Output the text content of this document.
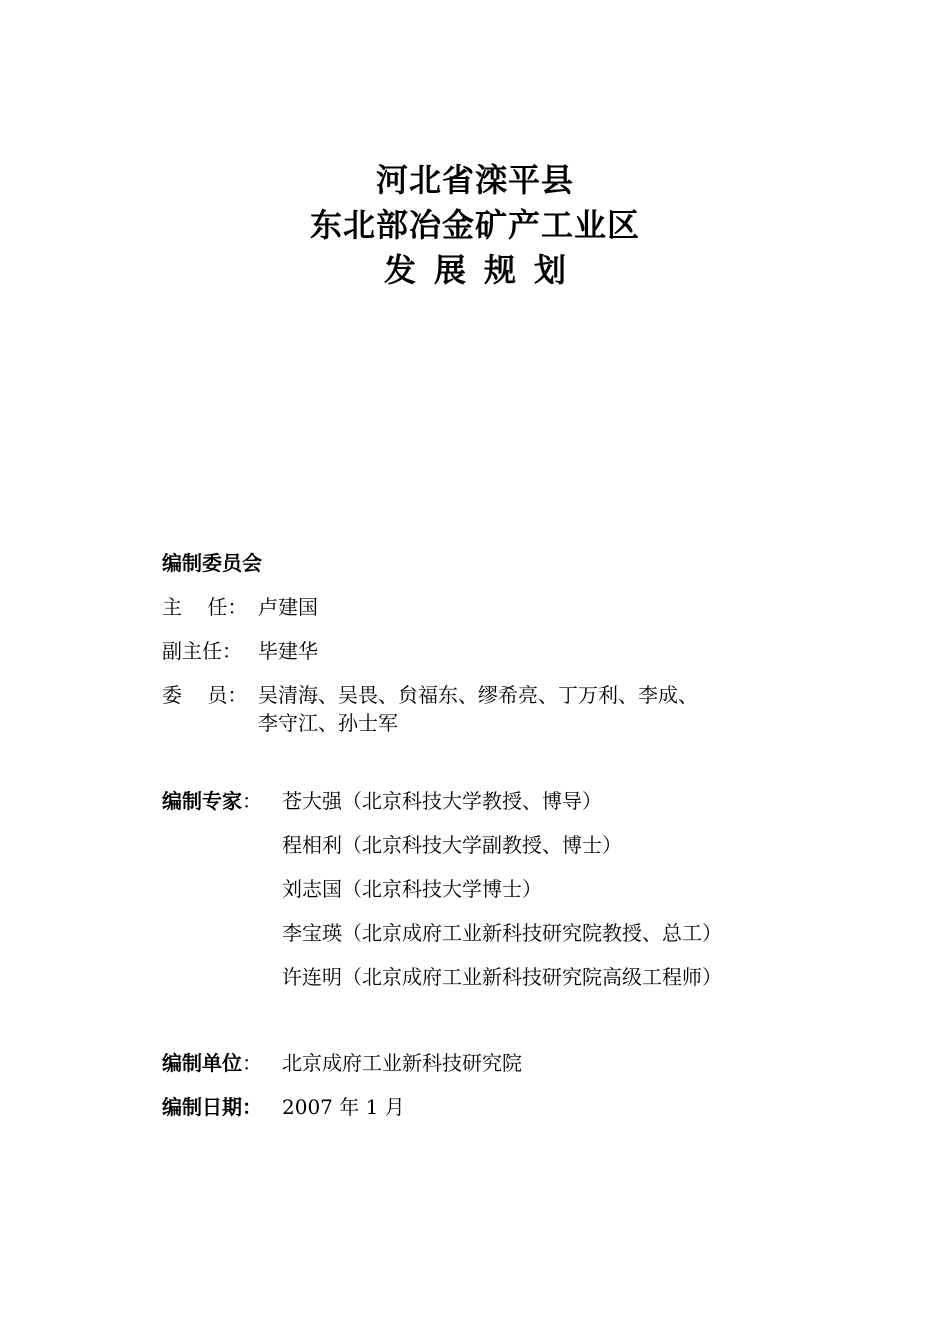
河北省滦平县
东北部冶金矿产工业区
发展规划
编制委员会
主    任： 卢建国
副主任： 毕建华
委    员： 吴清海、吴畏、贠福东、缪希亮、丁万利、李成、
李守江、孙士军
编制专家：	苍大强（北京科技大学教授、博导）
程相利（北京科技大学副教授、博士）
刘志国（北京科技大学博士）
李宝瑛（北京成府工业新科技研究院教授、总工）
许连明（北京成府工业新科技研究院高级工程师）
编制单位：	北京成府工业新科技研究院
编制日期：	2007 年 1 月
